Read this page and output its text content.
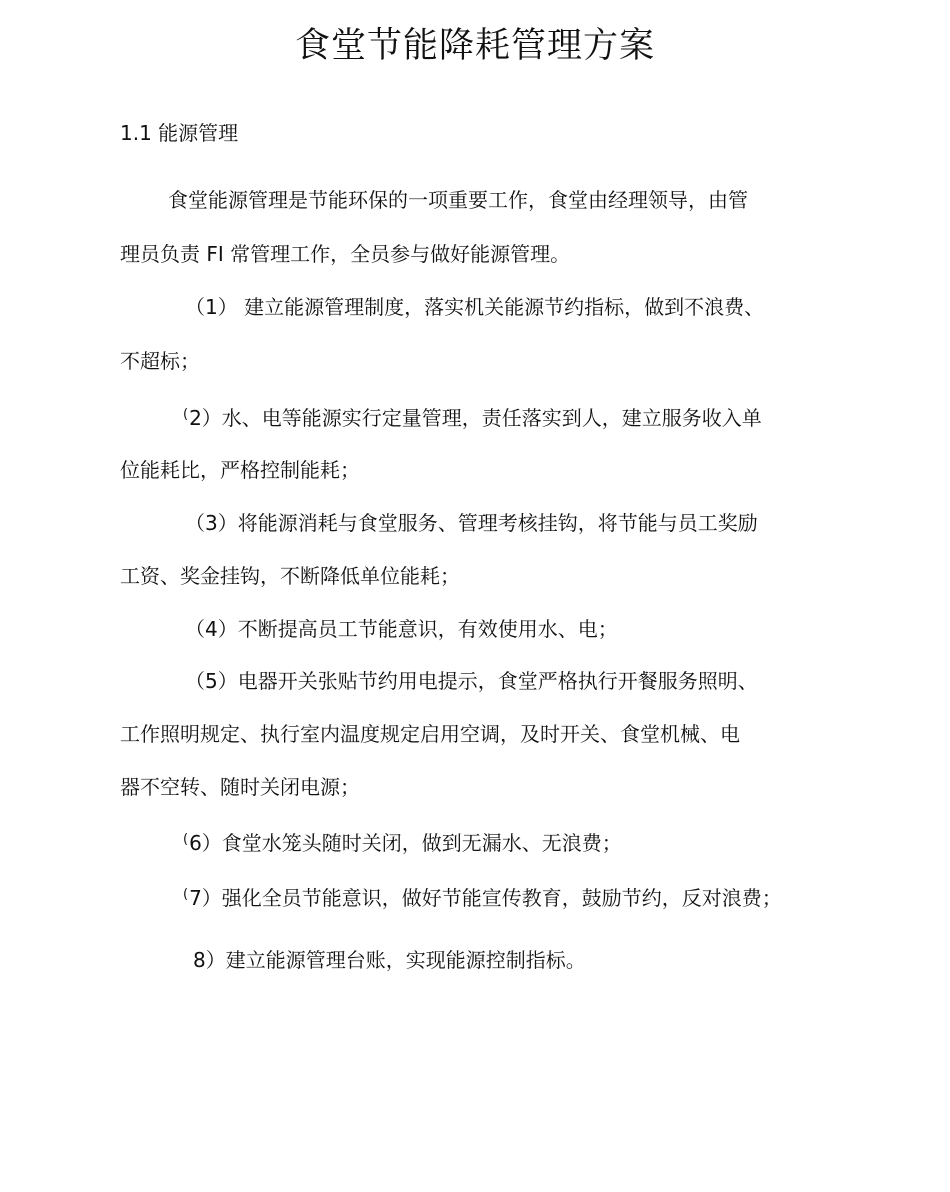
食堂节能降耗管理方案
1.1 能源管理
食堂能源管理是节能环保的一项重要工作，食堂由经理领导，由管
理员负责 FI 常管理工作，全员参与做好能源管理。
（1） 建立能源管理制度，落实机关能源节约指标，做到不浪费、
不超标；
(2）水、电等能源实行定量管理，责任落实到人，建立服务收入单
位能耗比，严格控制能耗；
（3）将能源消耗与食堂服务、管理考核挂钩，将节能与员工奖励
工资、奖金挂钩，不断降低单位能耗；
（4）不断提高员工节能意识，有效使用水、电；
（5）电器开关张贴节约用电提示，食堂严格执行开餐服务照明、
工作照明规定、执行室内温度规定启用空调，及时开关、食堂机械、电
器不空转、随时关闭电源；
(6）食堂水笼头随时关闭，做到无漏水、无浪费；
(7）强化全员节能意识，做好节能宣传教育，鼓励节约，反对浪费；
8）建立能源管理台账，实现能源控制指标。
